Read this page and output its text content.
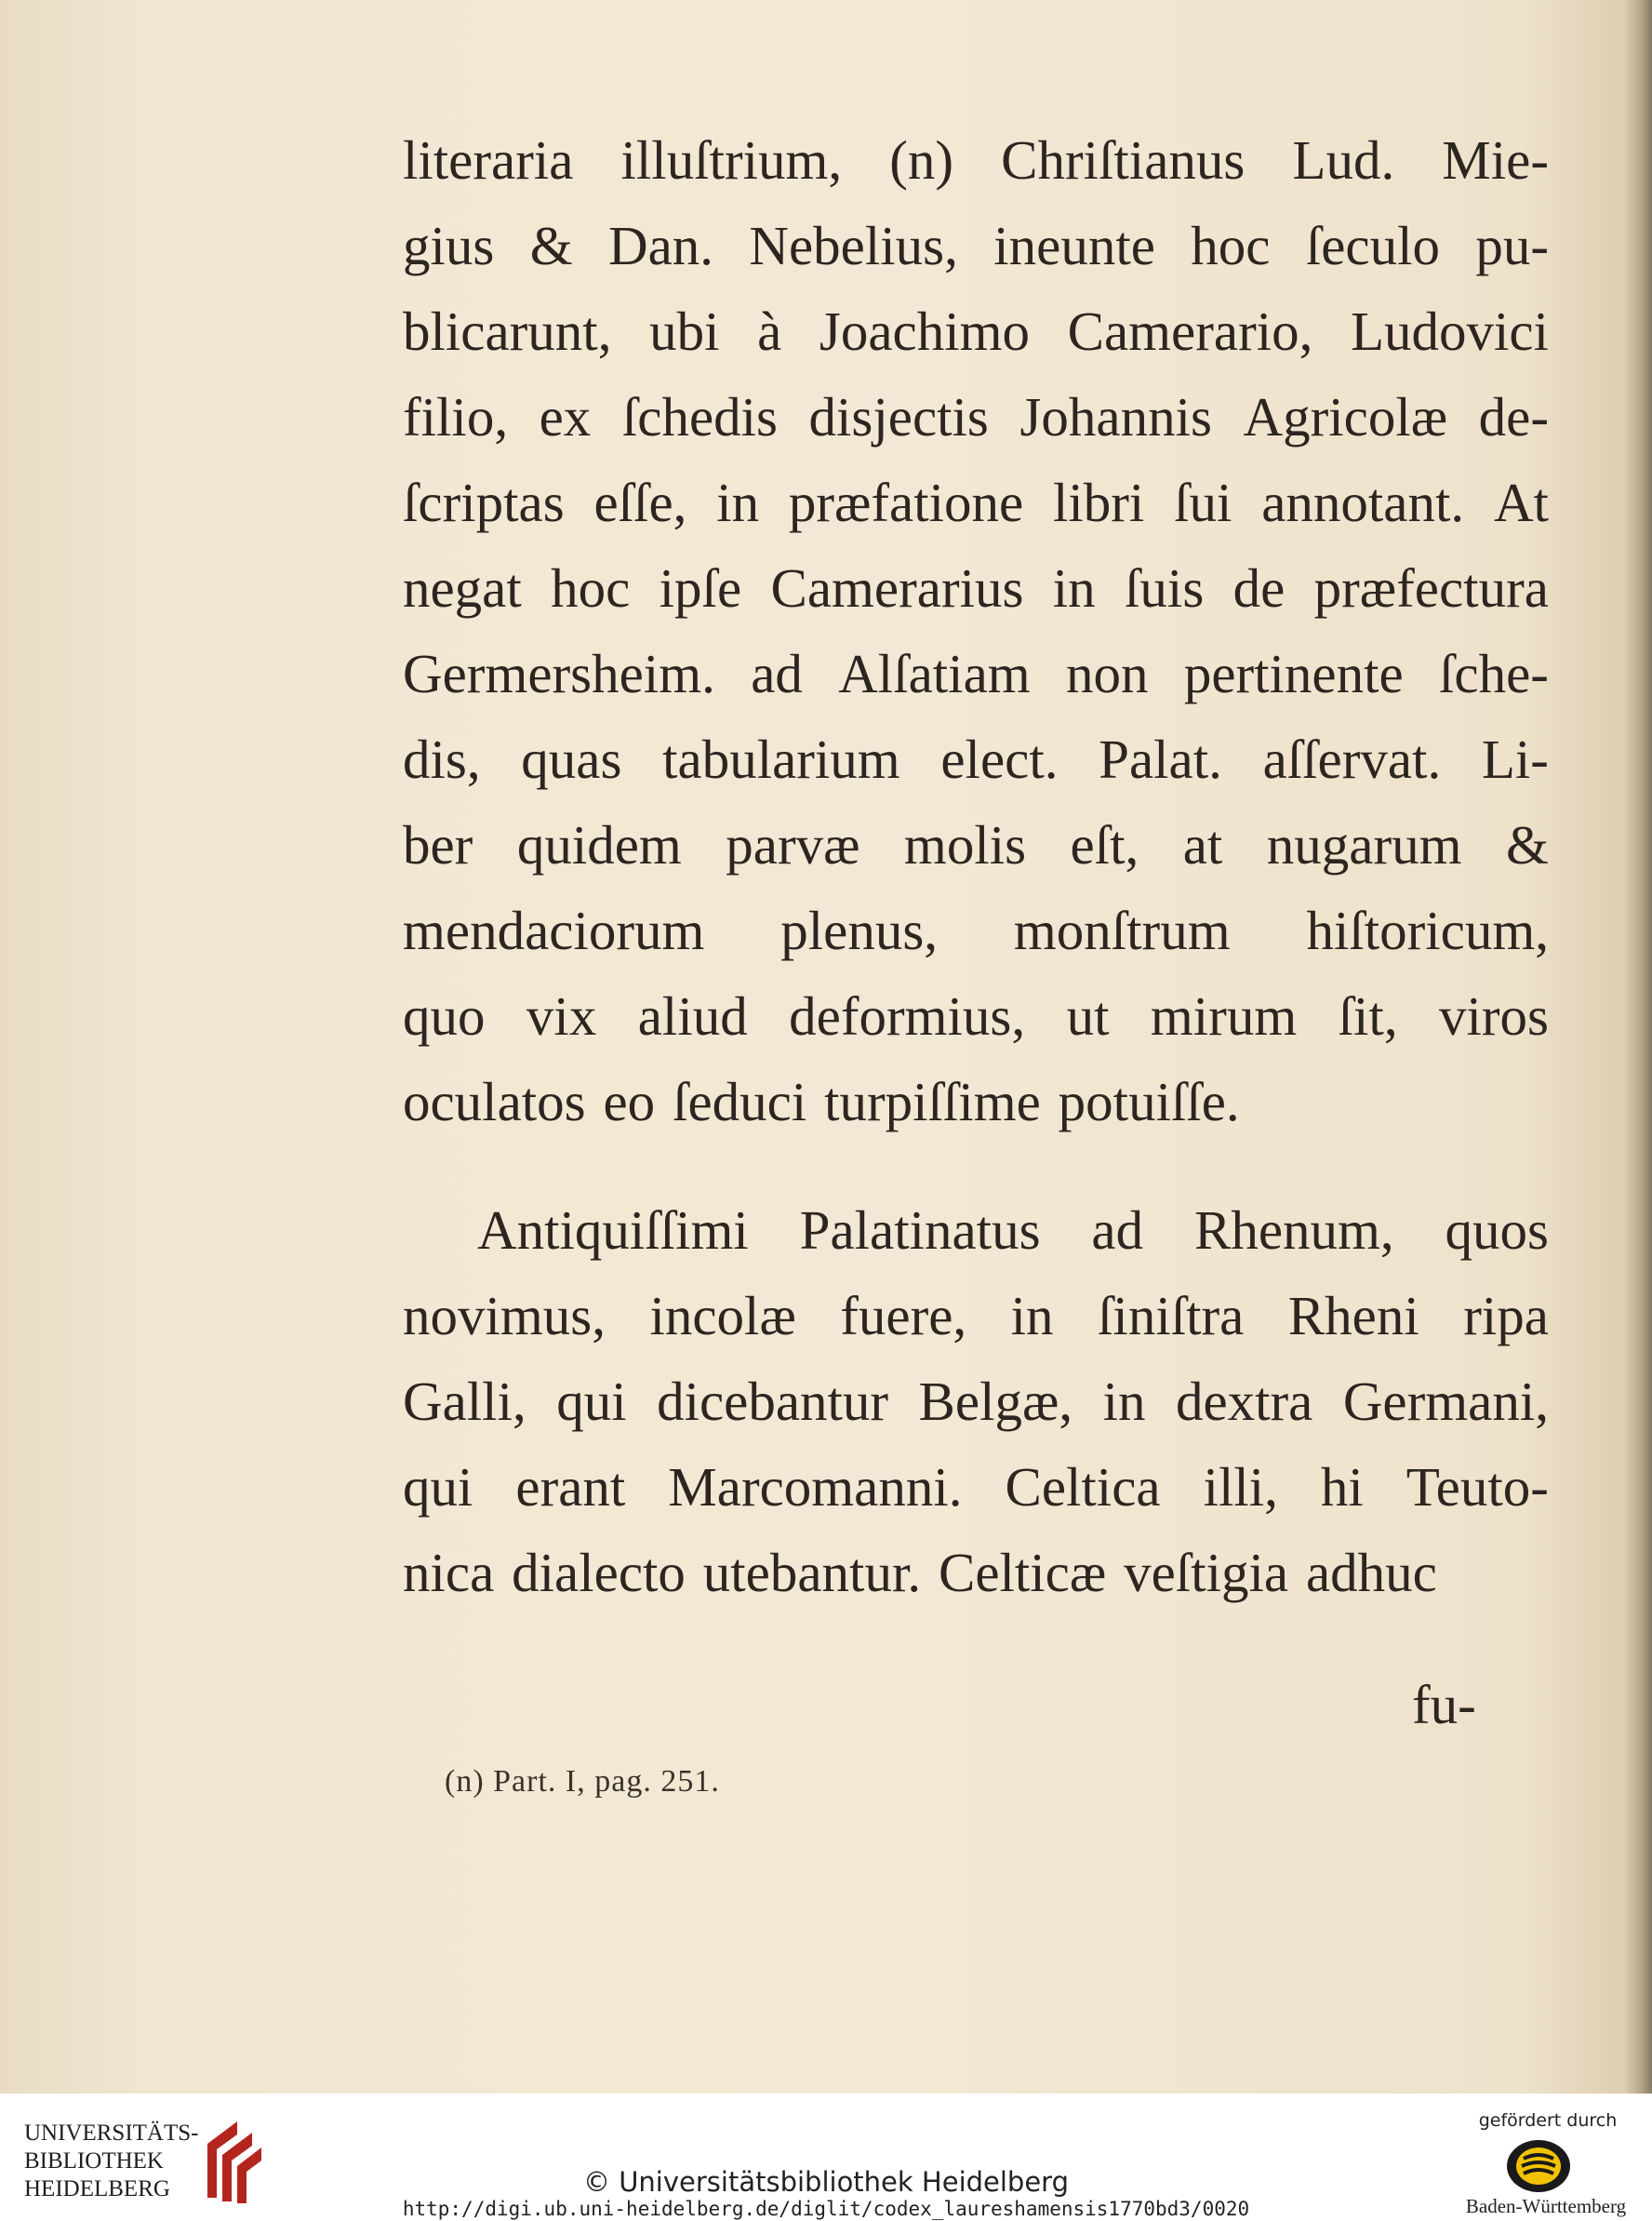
literaria illuſtrium, (n) Chriſtianus Lud. Mie-
gius & Dan. Nebelius, ineunte hoc ſeculo pu-
blicarunt, ubi à Joachimo Camerario, Ludovici
filio, ex ſchedis disjectis Johannis Agricolæ de-
ſcriptas eſſe, in præfatione libri ſui annotant. At
negat hoc ipſe Camerarius in ſuis de præfectura
Germersheim. ad Alſatiam non pertinente ſche-
dis, quas tabularium elect. Palat. aſſervat. Li-
ber quidem parvæ molis eſt, at nugarum &
mendaciorum plenus, monſtrum hiſtoricum,
quo vix aliud deformius, ut mirum ſit, viros
oculatos eo ſeduci turpiſſime potuiſſe.
Antiquiſſimi Palatinatus ad Rhenum, quos
novimus, incolæ fuere, in ſiniſtra Rheni ripa
Galli, qui dicebantur Belgæ, in dextra Germani,
qui erant Marcomanni. Celtica illi, hi Teuto-
nica dialecto utebantur. Celticæ veſtigia adhuc
fu-
(n) Part. I, pag. 251.
UNIVERSITÄTS-
BIBLIOTHEK
HEIDELBERG	© Universitätsbibliothek Heidelberg
http://digi.ub.uni-heidelberg.de/diglit/codex_laureshamensis1770bd3/0020
gefördert durch
Baden-Württemberg
